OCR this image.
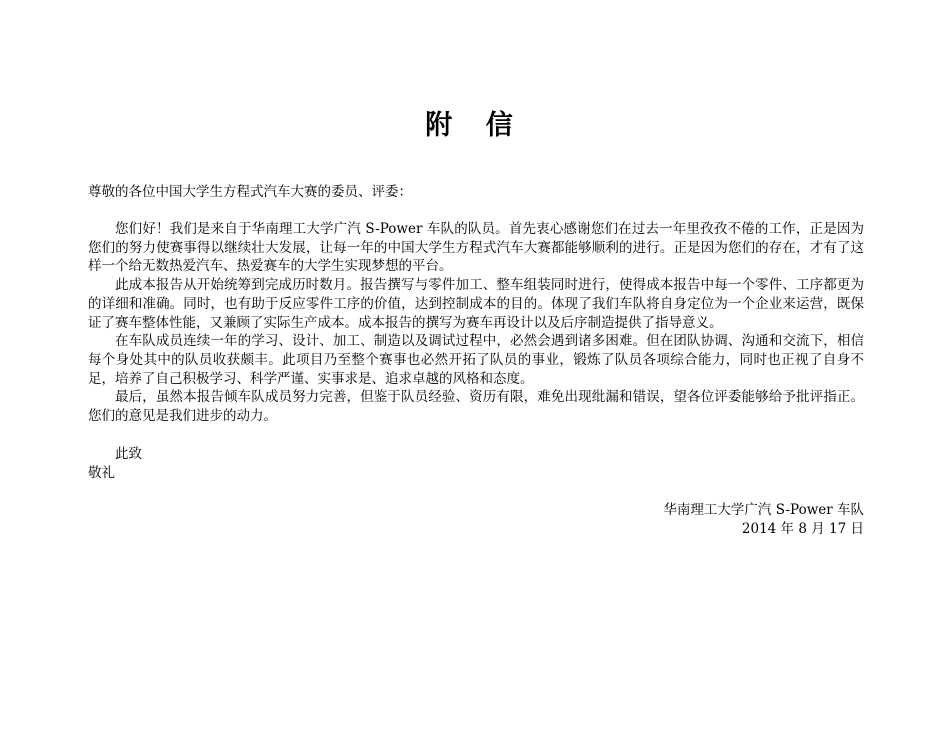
附 信
尊敬的各位中国大学生方程式汽车大赛的委员、评委：

您们好！我们是来自于华南理工大学广汽 S-Power 车队的队员。首先衷心感谢您们在过去一年里孜孜不倦的工作，正是因为您们的努力使赛事得以继续壮大发展，让每一年的中国大学生方程式汽车大赛都能够顺利的进行。正是因为您们的存在，才有了这样一个给无数热爱汽车、热爱赛车的大学生实现梦想的平台。

此成本报告从开始统筹到完成历时数月。报告撰写与零件加工、整车组装同时进行，使得成本报告中每一个零件、工序都更为的详细和准确。同时，也有助于反应零件工序的价值，达到控制成本的目的。体现了我们车队将自身定位为一个企业来运营，既保证了赛车整体性能，又兼顾了实际生产成本。成本报告的撰写为赛车再设计以及后序制造提供了指导意义。

在车队成员连续一年的学习、设计、加工、制造以及调试过程中，必然会遇到诸多困难。但在团队协调、沟通和交流下，相信每个身处其中的队员收获颇丰。此项目乃至整个赛事也必然开拓了队员的事业，锻炼了队员各项综合能力，同时也正视了自身不足，培养了自己积极学习、科学严谨、实事求是、追求卓越的风格和态度。

最后，虽然本报告倾车队成员努力完善，但鉴于队员经验、资历有限，难免出现纰漏和错误，望各位评委能够给予批评指正。您们的意见是我们进步的动力。

此致
敬礼
华南理工大学广汽 S-Power 车队
2014 年 8 月 17 日
